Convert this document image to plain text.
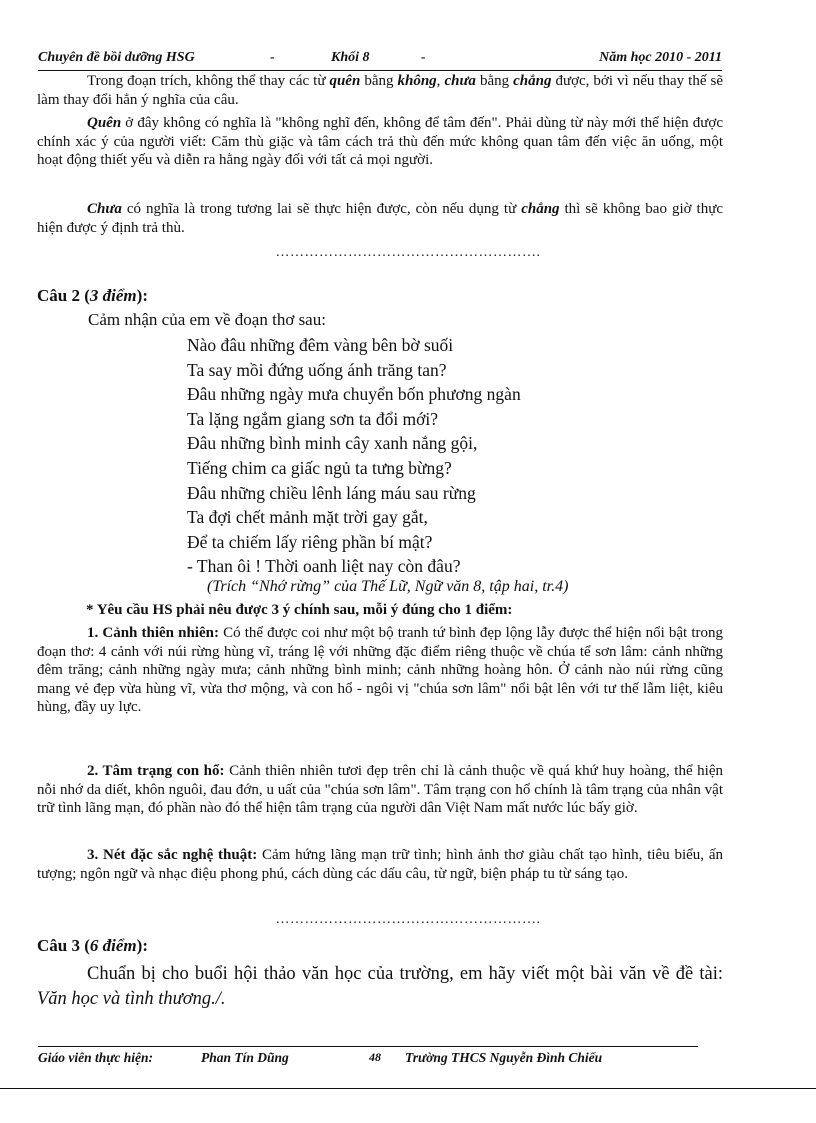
Chuyên đề bồi dưỡng HSG	-	Khối 8	-	Năm học 2010 - 2011

Trong đoạn trích, không thể thay các từ quên bằng không, chưa bằng chẳng được, bởi vì nếu thay thế sẽ làm thay đổi hẳn ý nghĩa của câu.

Quên ở đây không có nghĩa là "không nghĩ đến, không để tâm đến". Phải dùng từ này mới thể hiện được chính xác ý của người viết: Căm thù giặc và tâm cách trả thù đến mức không quan tâm đến việc ăn uống, một hoạt động thiết yếu và diễn ra hằng ngày đối với tất cả mọi người.

Chưa có nghĩa là trong tương lai sẽ thực hiện được, còn nếu dụng từ chẳng thì sẽ không bao giờ thực hiện được ý định trả thù.

……………………………………………….
Câu 2 (3 điểm):
Cảm nhận của em về đoạn thơ sau:
Nào đâu những đêm vàng bên bờ suối
Ta say mồi đứng uống ánh trăng tan?
Đâu những ngày mưa chuyển bốn phương ngàn
Ta lặng ngắm giang sơn ta đổi mới?
Đâu những bình minh cây xanh nắng gội,
Tiếng chim ca giấc ngủ ta tưng bừng?
Đâu những chiều lênh láng máu sau rừng
Ta đợi chết mảnh mặt trời gay gắt,
Để ta chiếm lấy riêng phần bí mật?
- Than ôi ! Thời oanh liệt nay còn đâu?
(Trích “Nhớ rừng” của Thế Lữ, Ngữ văn 8, tập hai, tr.4)
* Yêu cầu HS phải nêu được 3 ý chính sau, mỗi ý đúng cho 1 điểm:

1. Cảnh thiên nhiên: Có thể được coi như một bộ tranh tứ bình đẹp lộng lẫy được thể hiện nổi bật trong đoạn thơ: 4 cảnh với núi rừng hùng vĩ, tráng lệ với những đặc điểm riêng thuộc về chúa tể sơn lâm: cảnh những đêm trăng; cảnh những ngày mưa; cảnh những bình minh; cảnh những hoàng hôn. Ở cảnh nào núi rừng cũng mang vẻ đẹp vừa hùng vĩ, vừa thơ mộng, và con hổ - ngôi vị "chúa sơn lâm" nổi bật lên với tư thế lẫm liệt, kiêu hùng, đầy uy lực.

2. Tâm trạng con hổ: Cảnh thiên nhiên tươi đẹp trên chỉ là cảnh thuộc về quá khứ huy hoàng, thể hiện nỗi nhớ da diết, khôn nguôi, đau đớn, u uất của "chúa sơn lâm". Tâm trạng con hổ chính là tâm trạng của nhân vật trữ tình lãng mạn, đó phần nào đó thể hiện tâm trạng của người dân Việt Nam mất nước lúc bấy giờ.

3. Nét đặc sắc nghệ thuật: Cảm hứng lãng mạn trữ tình; hình ảnh thơ giàu chất tạo hình, tiêu biểu, ấn tượng; ngôn ngữ và nhạc điệu phong phú, cách dùng các dấu câu, từ ngữ, biện pháp tu từ sáng tạo.

……………………………………………….
Câu 3 (6 điểm):
Chuẩn bị cho buổi hội thảo văn học của trường, em hãy viết một bài văn về đề tài: Văn học và tình thương./.
Giáo viên thực hiện:	Phan Tín Dũng	48 Trường THCS Nguyễn Đình Chiểu
